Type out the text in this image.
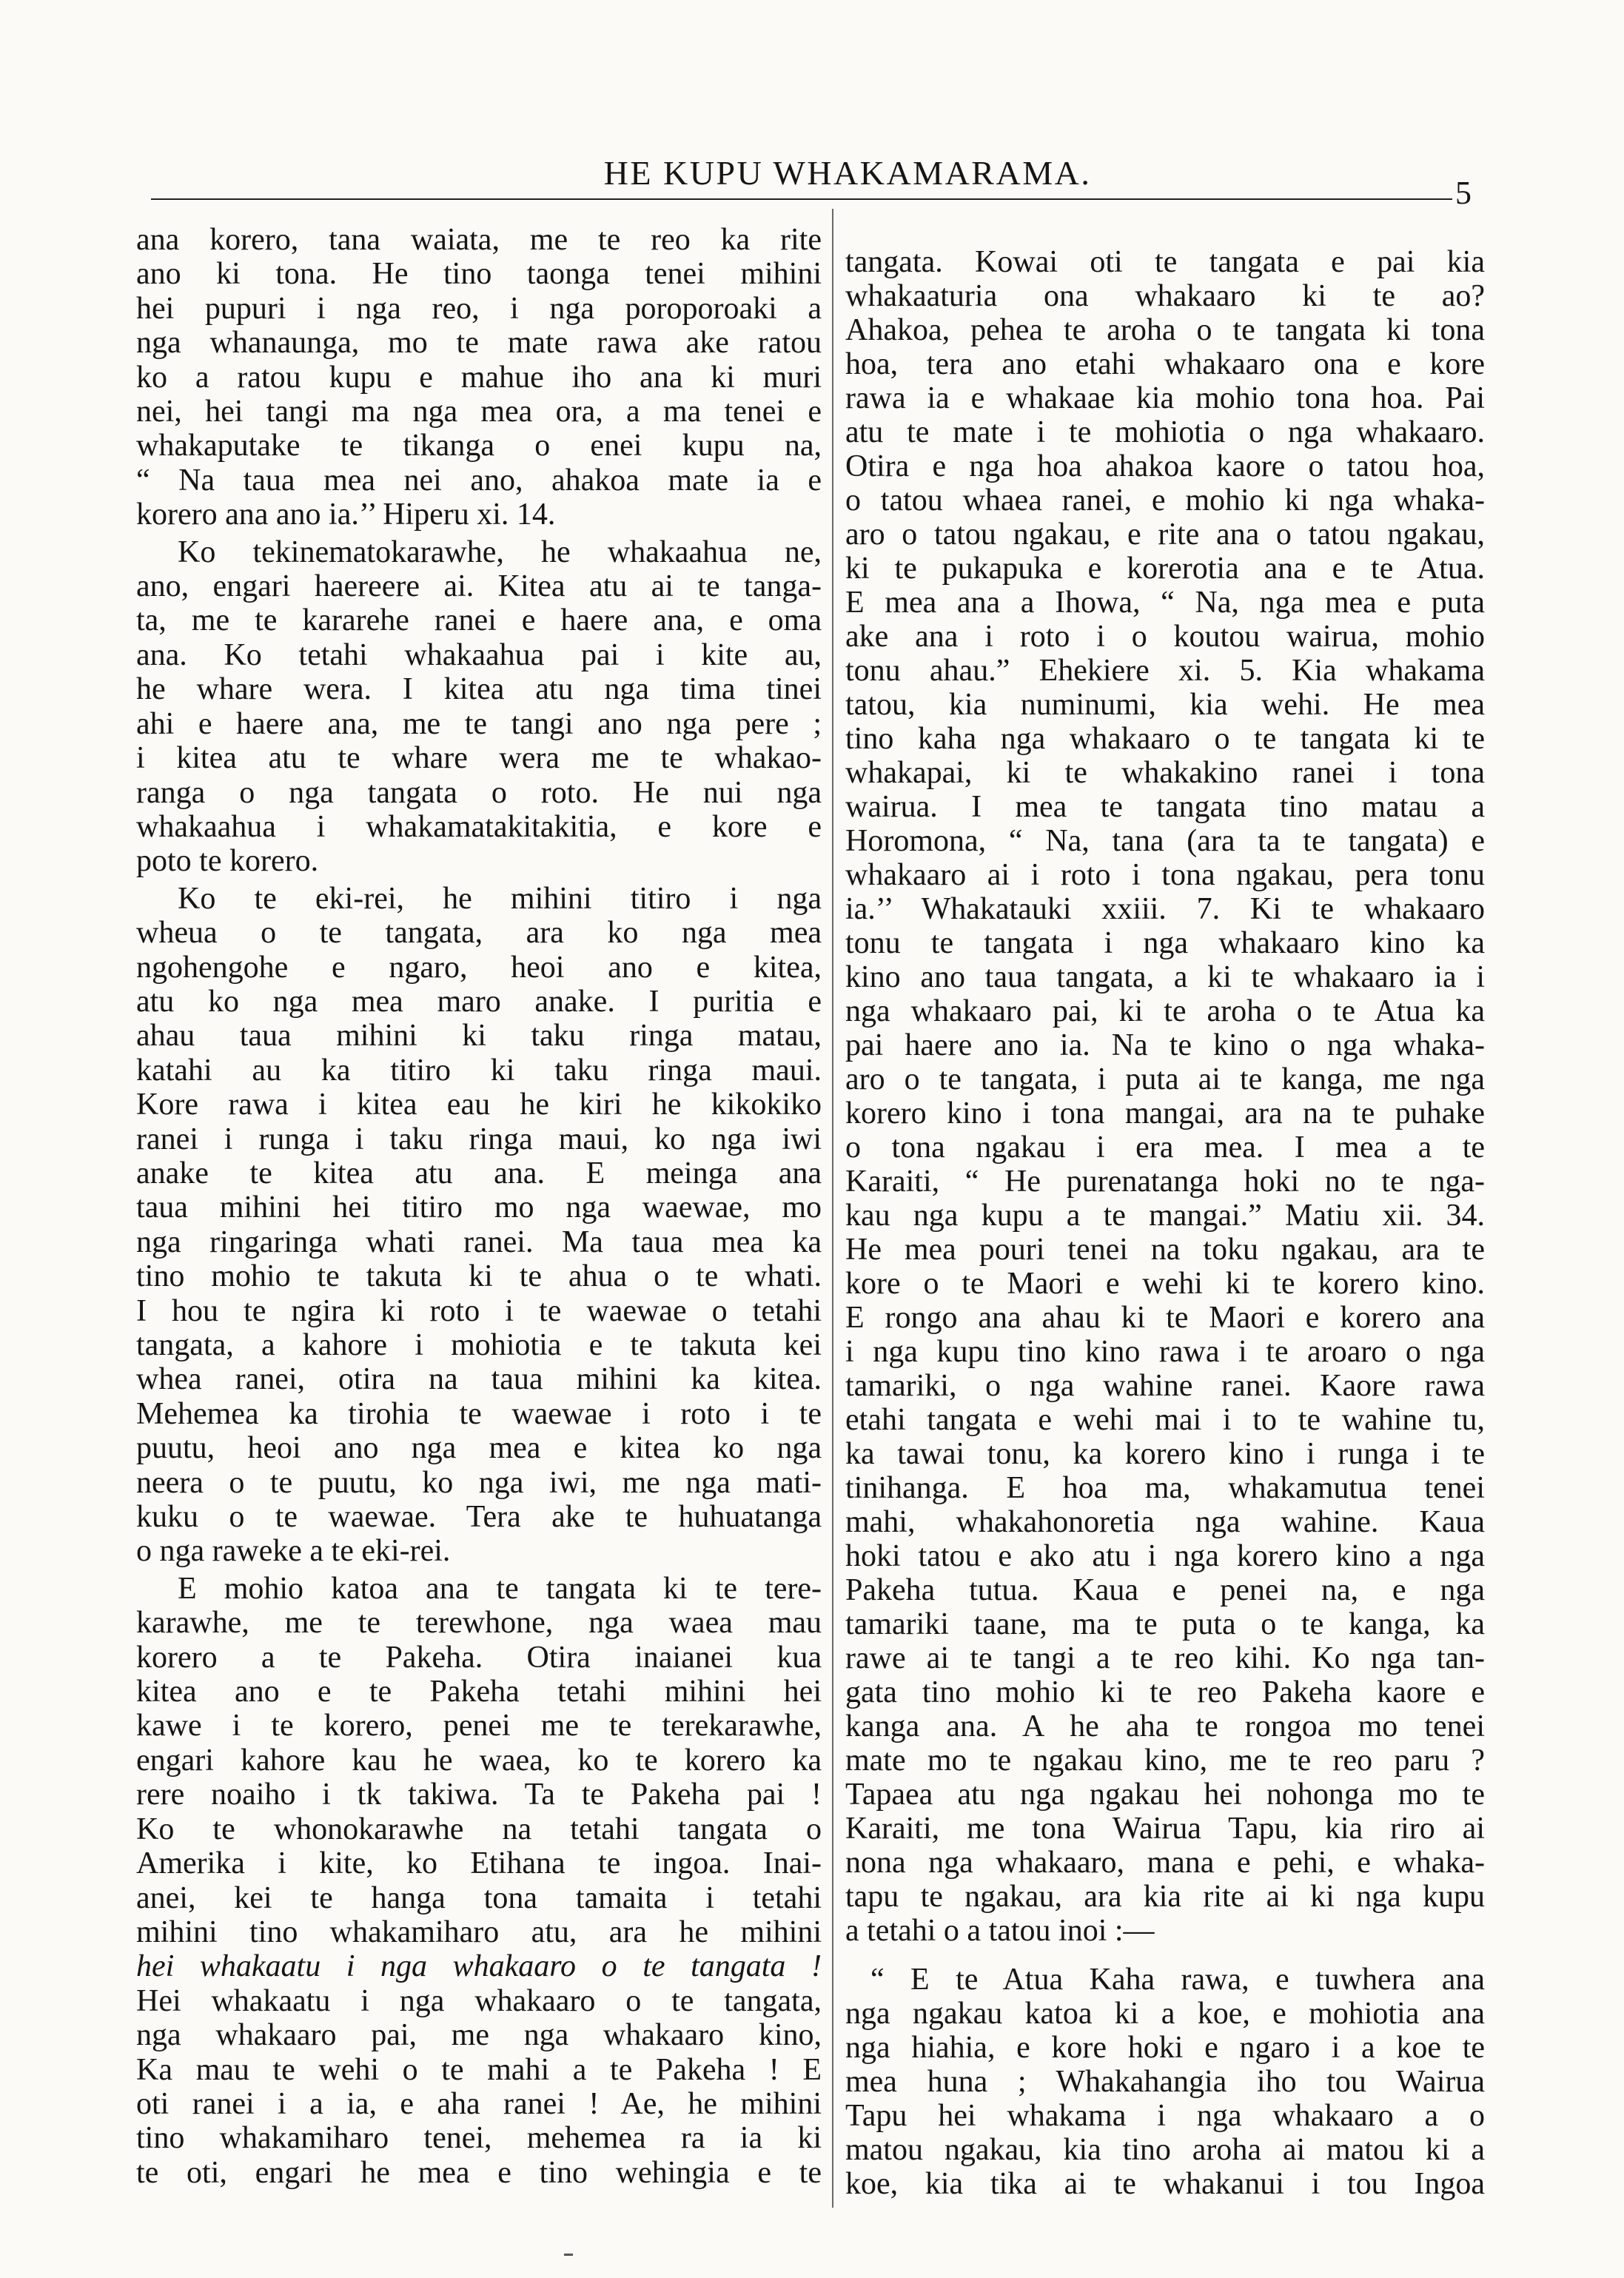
HE KUPU WHAKAMARAMA.
5
ana korero, tana waiata, me te reo ka rite
ano ki tona. He tino taonga tenei mihini
hei pupuri i nga reo, i nga poroporoaki a
nga whanaunga, mo te mate rawa ake ratou
ko a ratou kupu e mahue iho ana ki muri
nei, hei tangi ma nga mea ora, a ma tenei e
whakaputake te tikanga o enei kupu na,
“ Na taua mea nei ano, ahakoa mate ia e
korero ana ano ia.’’ Hiperu xi. 14.
Ko tekinematokarawhe, he whakaahua ne,
ano, engari haereere ai. Kitea atu ai te tanga-
ta, me te kararehe ranei e haere ana, e oma
ana. Ko tetahi whakaahua pai i kite au,
he whare wera. I kitea atu nga tima tinei
ahi e haere ana, me te tangi ano nga pere ;
i kitea atu te whare wera me te whakao-
ranga o nga tangata o roto. He nui nga
whakaahua i whakamatakitakitia, e kore e
poto te korero.
Ko te eki-rei, he mihini titiro i nga
wheua o te tangata, ara ko nga mea
ngohengohe e ngaro, heoi ano e kitea,
atu ko nga mea maro anake. I puritia e
ahau taua mihini ki taku ringa matau,
katahi au ka titiro ki taku ringa maui.
Kore rawa i kitea eau he kiri he kikokiko
ranei i runga i taku ringa maui, ko nga iwi
anake te kitea atu ana. E meinga ana
taua mihini hei titiro mo nga waewae, mo
nga ringaringa whati ranei. Ma taua mea ka
tino mohio te takuta ki te ahua o te whati.
I hou te ngira ki roto i te waewae o tetahi
tangata, a kahore i mohiotia e te takuta kei
whea ranei, otira na taua mihini ka kitea.
Mehemea ka tirohia te waewae i roto i te
puutu, heoi ano nga mea e kitea ko nga
neera o te puutu, ko nga iwi, me nga mati-
kuku o te waewae. Tera ake te huhuatanga
o nga raweke a te eki-rei.
E mohio katoa ana te tangata ki te tere-
karawhe, me te terewhone, nga waea mau
korero a te Pakeha. Otira inaianei kua
kitea ano e te Pakeha tetahi mihini hei
kawe i te korero, penei me te terekarawhe,
engari kahore kau he waea, ko te korero ka
rere noaiho i tk takiwa. Ta te Pakeha pai !
Ko te whonokarawhe na tetahi tangata o
Amerika i kite, ko Etihana te ingoa. Inai-
anei, kei te hanga tona tamaita i tetahi
mihini tino whakamiharo atu, ara he mihini
hei whakaatu i nga whakaaro o te tangata !
Hei whakaatu i nga whakaaro o te tangata,
nga whakaaro pai, me nga whakaaro kino,
Ka mau te wehi o te mahi a te Pakeha ! E
oti ranei i a ia, e aha ranei ! Ae, he mihini
tino whakamiharo tenei, mehemea ra ia ki
te oti, engari he mea e tino wehingia e te
tangata. Kowai oti te tangata e pai kia
whakaaturia ona whakaaro ki te ao?
Ahakoa, pehea te aroha o te tangata ki tona
hoa, tera ano etahi whakaaro ona e kore
rawa ia e whakaae kia mohio tona hoa. Pai
atu te mate i te mohiotia o nga whakaaro.
Otira e nga hoa ahakoa kaore o tatou hoa,
o tatou whaea ranei, e mohio ki nga whaka-
aro o tatou ngakau, e rite ana o tatou ngakau,
ki te pukapuka e korerotia ana e te Atua.
E mea ana a Ihowa, “ Na, nga mea e puta
ake ana i roto i o koutou wairua, mohio
tonu ahau.” Ehekiere xi. 5. Kia whakama
tatou, kia numinumi, kia wehi. He mea
tino kaha nga whakaaro o te tangata ki te
whakapai, ki te whakakino ranei i tona
wairua. I mea te tangata tino matau a
Horomona, “ Na, tana (ara ta te tangata) e
whakaaro ai i roto i tona ngakau, pera tonu
ia.’’ Whakatauki xxiii. 7. Ki te whakaaro
tonu te tangata i nga whakaaro kino ka
kino ano taua tangata, a ki te whakaaro ia i
nga whakaaro pai, ki te aroha o te Atua ka
pai haere ano ia. Na te kino o nga whaka-
aro o te tangata, i puta ai te kanga, me nga
korero kino i tona mangai, ara na te puhake
o tona ngakau i era mea. I mea a te
Karaiti, “ He purenatanga hoki no te nga-
kau nga kupu a te mangai.” Matiu xii. 34.
He mea pouri tenei na toku ngakau, ara te
kore o te Maori e wehi ki te korero kino.
E rongo ana ahau ki te Maori e korero ana
i nga kupu tino kino rawa i te aroaro o nga
tamariki, o nga wahine ranei. Kaore rawa
etahi tangata e wehi mai i to te wahine tu,
ka tawai tonu, ka korero kino i runga i te
tinihanga. E hoa ma, whakamutua tenei
mahi, whakahonoretia nga wahine. Kaua
hoki tatou e ako atu i nga korero kino a nga
Pakeha tutua. Kaua e penei na, e nga
tamariki taane, ma te puta o te kanga, ka
rawe ai te tangi a te reo kihi. Ko nga tan-
gata tino mohio ki te reo Pakeha kaore e
kanga ana. A he aha te rongoa mo tenei
mate mo te ngakau kino, me te reo paru ?
Tapaea atu nga ngakau hei nohonga mo te
Karaiti, me tona Wairua Tapu, kia riro ai
nona nga whakaaro, mana e pehi, e whaka-
tapu te ngakau, ara kia rite ai ki nga kupu
a tetahi o a tatou inoi :—
“ E te Atua Kaha rawa, e tuwhera ana
nga ngakau katoa ki a koe, e mohiotia ana
nga hiahia, e kore hoki e ngaro i a koe te
mea huna ; Whakahangia iho tou Wairua
Tapu hei whakama i nga whakaaro a o
matou ngakau, kia tino aroha ai matou ki a
koe, kia tika ai te whakanui i tou Ingoa
